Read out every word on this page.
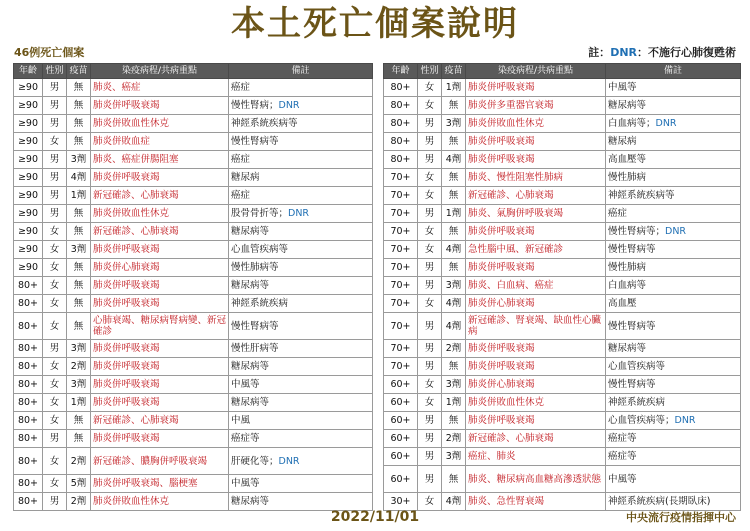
本土死亡個案說明
46例死亡個案	註：DNR：不施行心肺復甦術
年齡	性別	疫苗	染疫病程/共病重點	備註
≥90	男	無	肺炎、癌症	癌症
≥90	男	無	肺炎併呼吸衰竭	慢性腎病；DNR
≥90	男	無	肺炎併敗血性休克	神經系統疾病等
≥90	女	無	肺炎併敗血症	慢性腎病等
≥90	男	3劑	肺炎、癌症併腸阻塞	癌症
≥90	男	4劑	肺炎併呼吸衰竭	糖尿病
≥90	男	1劑	新冠確診、心肺衰竭	癌症
≥90	男	無	肺炎併敗血性休克	股骨骨折等；DNR
≥90	女	無	新冠確診、心肺衰竭	糖尿病等
≥90	女	3劑	肺炎併呼吸衰竭	心血管疾病等
≥90	女	無	肺炎併心肺衰竭	慢性肺病等
80+	女	無	肺炎併呼吸衰竭	糖尿病等
80+	女	無	肺炎併呼吸衰竭	神經系統疾病
80+	女	無	心肺衰竭、糖尿病腎病變、新冠確診	慢性腎病等
80+	男	3劑	肺炎併呼吸衰竭	慢性肝病等
80+	女	2劑	肺炎併呼吸衰竭	糖尿病等
80+	女	3劑	肺炎併呼吸衰竭	中風等
80+	女	1劑	肺炎併呼吸衰竭	糖尿病等
80+	女	無	新冠確診、心肺衰竭	中風
80+	男	無	肺炎併呼吸衰竭	癌症等
80+	女	2劑	新冠確診、膿胸併呼吸衰竭	肝硬化等；DNR
80+	女	5劑	肺炎併呼吸衰竭、腦梗塞	中風等
80+	男	2劑	肺炎併敗血性休克	糖尿病等
年齡	性別	疫苗	染疫病程/共病重點	備註
80+	女	1劑	肺炎併呼吸衰竭	中風等
80+	女	無	肺炎併多重器官衰竭	糖尿病等
80+	男	3劑	肺炎併敗血性休克	白血病等；DNR
80+	男	無	肺炎併呼吸衰竭	糖尿病
80+	男	4劑	肺炎併呼吸衰竭	高血壓等
70+	女	無	肺炎、慢性阻塞性肺病	慢性肺病
70+	女	無	新冠確診、心肺衰竭	神經系統疾病等
70+	男	1劑	肺炎、氣胸併呼吸衰竭	癌症
70+	女	無	肺炎併呼吸衰竭	慢性腎病等；DNR
70+	女	4劑	急性腦中風、新冠確診	慢性腎病等
70+	男	無	肺炎併呼吸衰竭	慢性肺病
70+	男	3劑	肺炎、白血病、癌症	白血病等
70+	女	4劑	肺炎併心肺衰竭	高血壓
70+	男	4劑	新冠確診、腎衰竭、缺血性心臟病	慢性腎病等
70+	男	2劑	肺炎併呼吸衰竭	糖尿病等
70+	男	無	肺炎併呼吸衰竭	心血管疾病等
60+	女	3劑	肺炎併心肺衰竭	慢性腎病等
60+	女	1劑	肺炎併敗血性休克	神經系統疾病
60+	男	無	肺炎併呼吸衰竭	心血管疾病等；DNR
60+	男	2劑	新冠確診、心肺衰竭	癌症等
60+	男	3劑	癌症、肺炎	癌症等
60+	男	無	肺炎、糖尿病高血糖高滲透狀態	中風等
30+	女	4劑	肺炎、急性腎衰竭	神經系統疾病(長期臥床)
2022/11/01	中央流行疫情指揮中心
